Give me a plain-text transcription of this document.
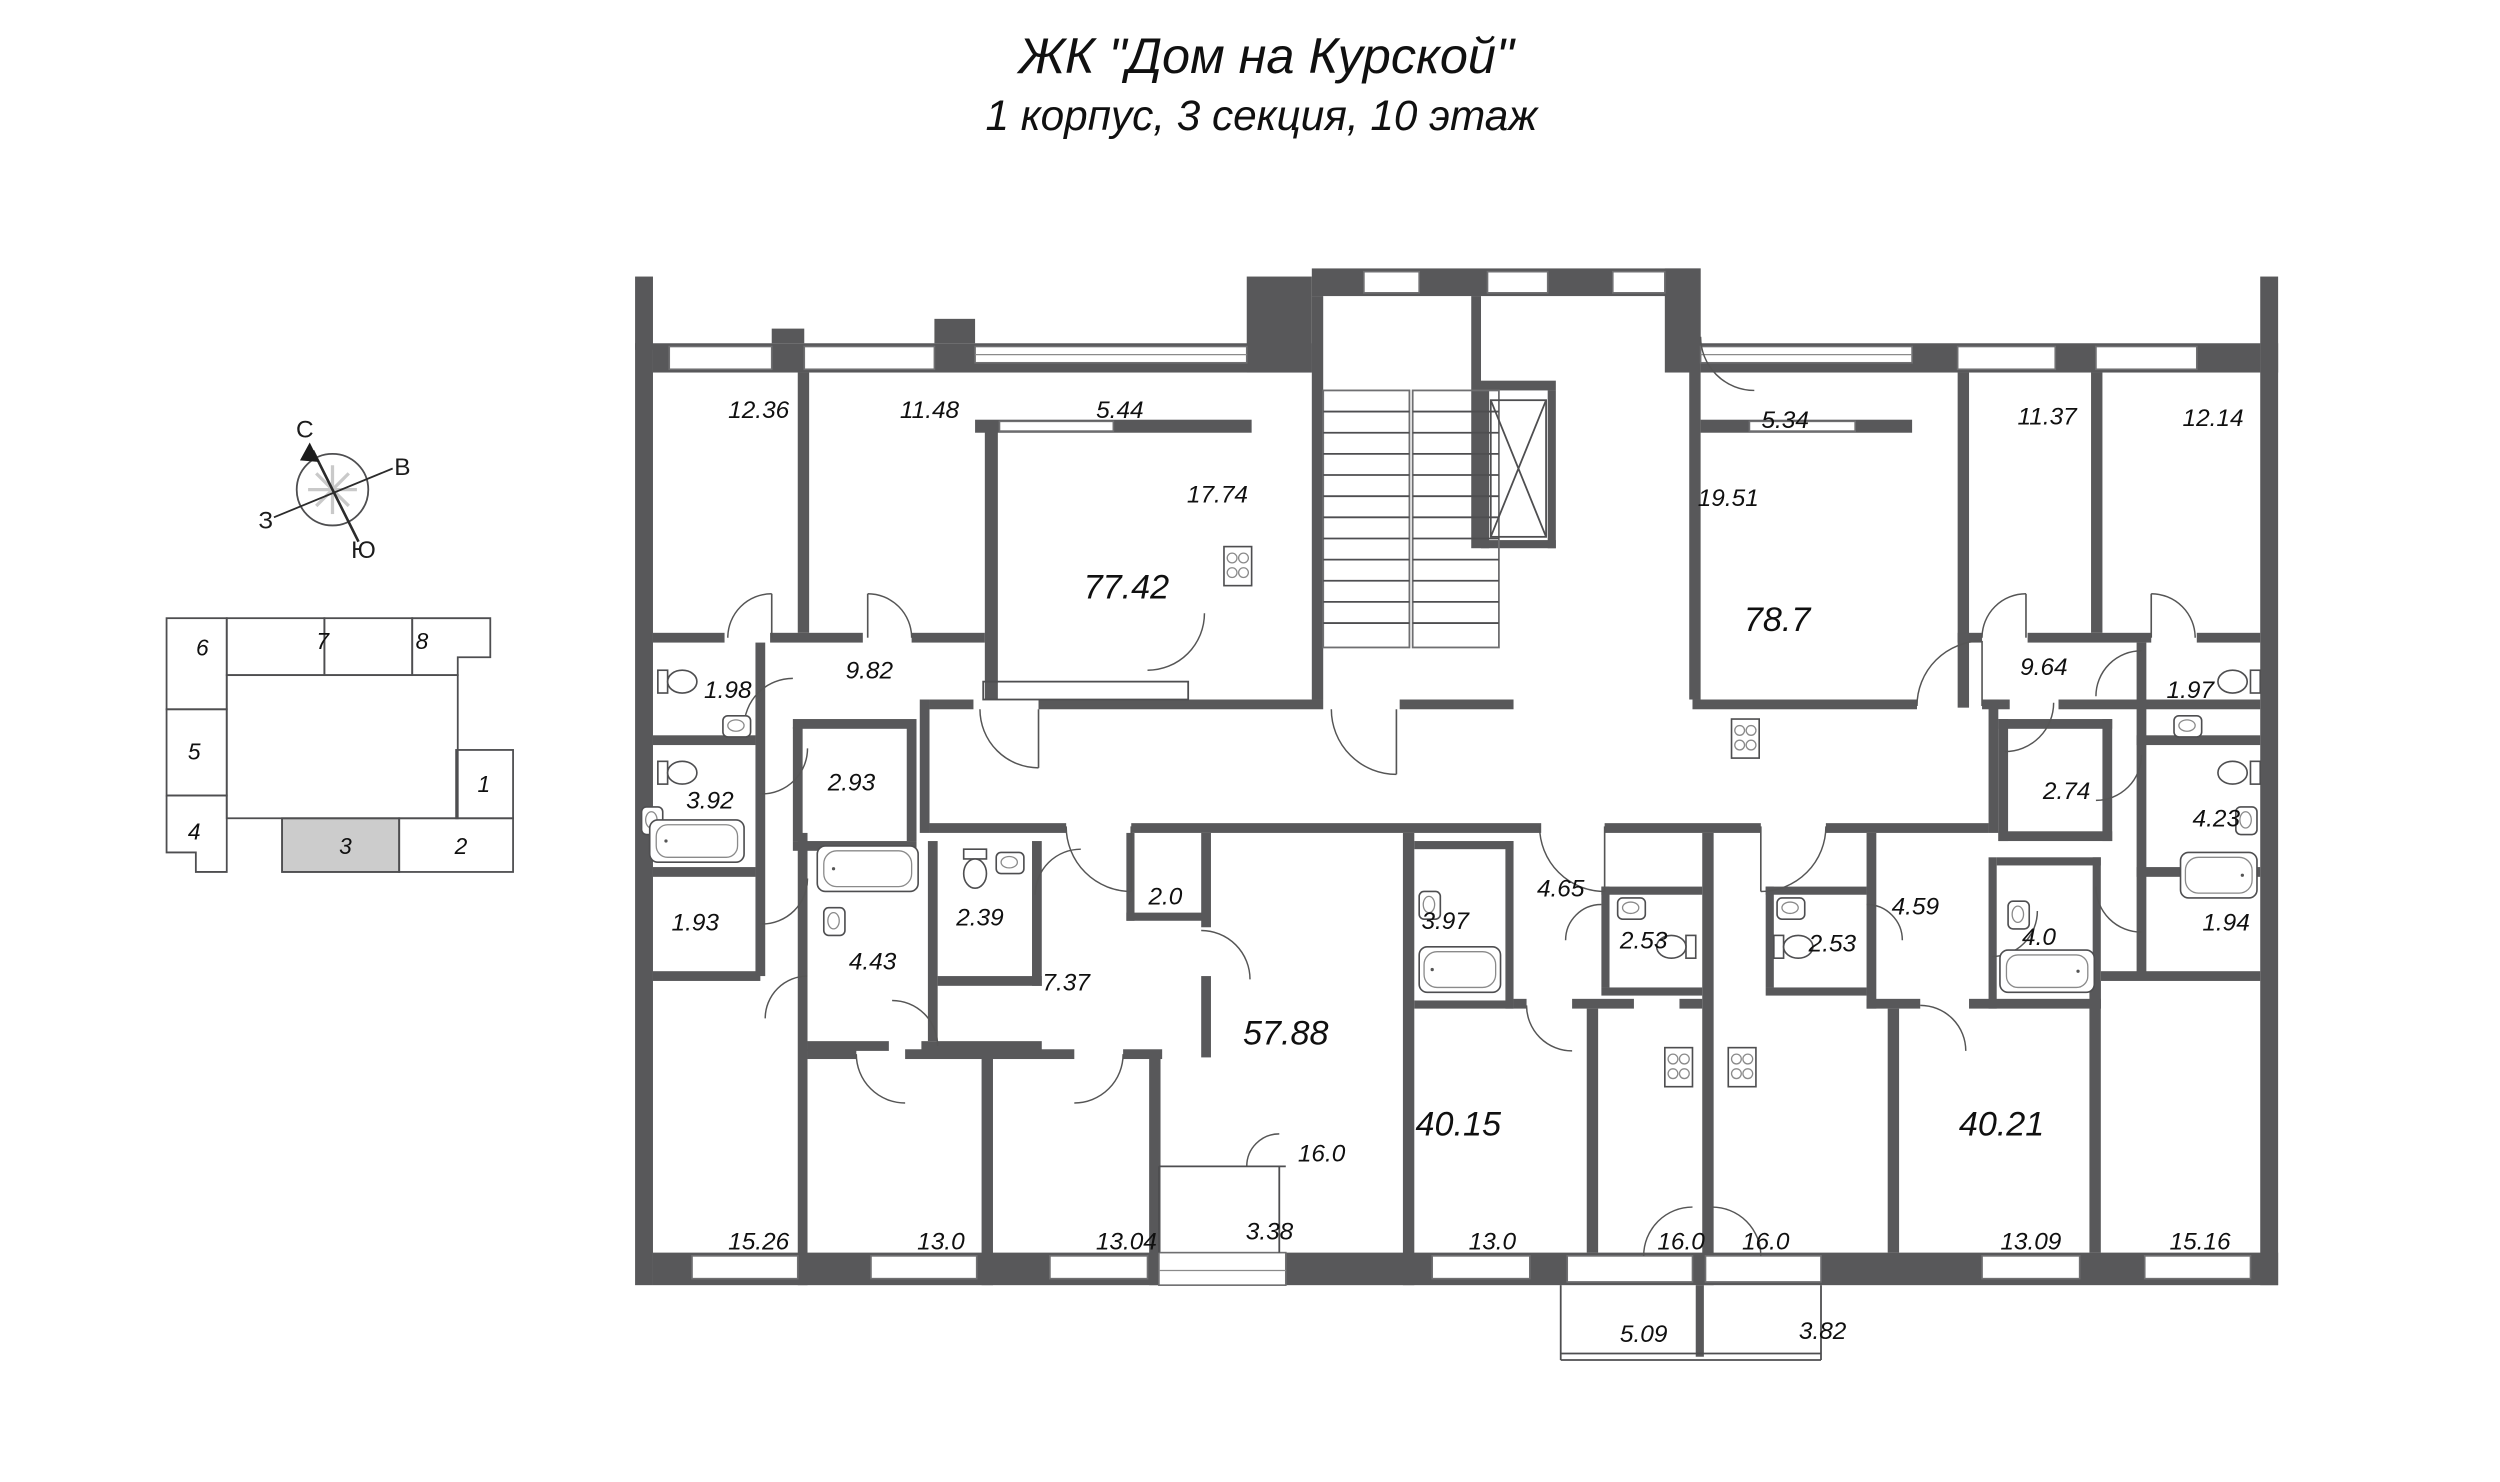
ЖК "Дом на Курской"
1 корпус, 3 секция, 10 этаж
С
В
З
Ю
6	7	8
5
4
1
2
3
12.36	11.48	5.44
17.74
77.42
9.82
1.98
3.92
2.93
1.93
15.26
4.43
2.39
7.37
2.0
57.88
16.0
13.0	13.04	3.38
3.97
4.65
2.53
40.15
13.0	16.0
5.09
2.53
4.59
4.0
16.0
40.21
13.09
3.82
5.34
19.51
78.7
11.37	12.14
9.64
1.97
2.74
4.23
1.94
15.16
